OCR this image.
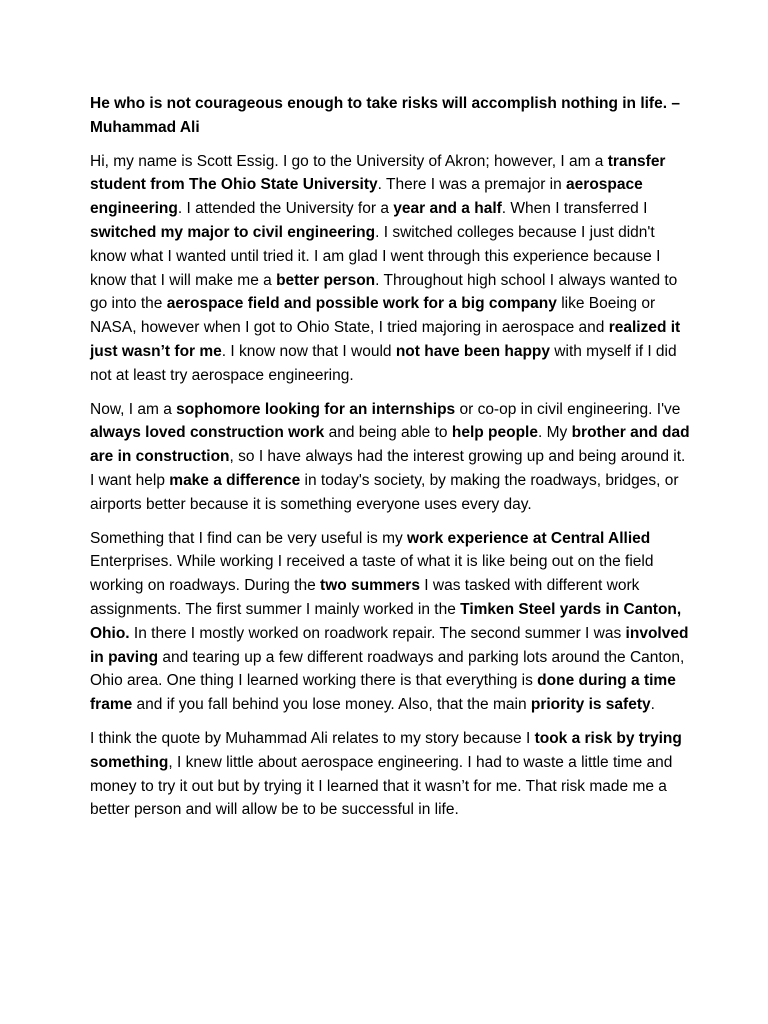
He who is not courageous enough to take risks will accomplish nothing in life. – Muhammad Ali

Hi, my name is Scott Essig. I go to the University of Akron; however, I am a transfer student from The Ohio State University. There I was a premajor in aerospace engineering. I attended the University for a year and a half. When I transferred I switched my major to civil engineering. I switched colleges because I just didn't know what I wanted until tried it. I am glad I went through this experience because I know that I will make me a better person. Throughout high school I always wanted to go into the aerospace field and possible work for a big company like Boeing or NASA, however when I got to Ohio State, I tried majoring in aerospace and realized it just wasn’t for me. I know now that I would not have been happy with myself if I did not at least try aerospace engineering.

Now, I am a sophomore looking for an internships or co-op in civil engineering. I've always loved construction work and being able to help people. My brother and dad are in construction, so I have always had the interest growing up and being around it. I want help make a difference in today's society, by making the roadways, bridges, or airports better because it is something everyone uses every day.

Something that I find can be very useful is my work experience at Central Allied Enterprises. While working I received a taste of what it is like being out on the field working on roadways. During the two summers I was tasked with different work assignments. The first summer I mainly worked in the Timken Steel yards in Canton, Ohio. In there I mostly worked on roadwork repair. The second summer I was involved in paving and tearing up a few different roadways and parking lots around the Canton, Ohio area. One thing I learned working there is that everything is done during a time frame and if you fall behind you lose money. Also, that the main priority is safety.

I think the quote by Muhammad Ali relates to my story because I took a risk by trying something, I knew little about aerospace engineering. I had to waste a little time and money to try it out but by trying it I learned that it wasn’t for me. That risk made me a better person and will allow be to be successful in life.
